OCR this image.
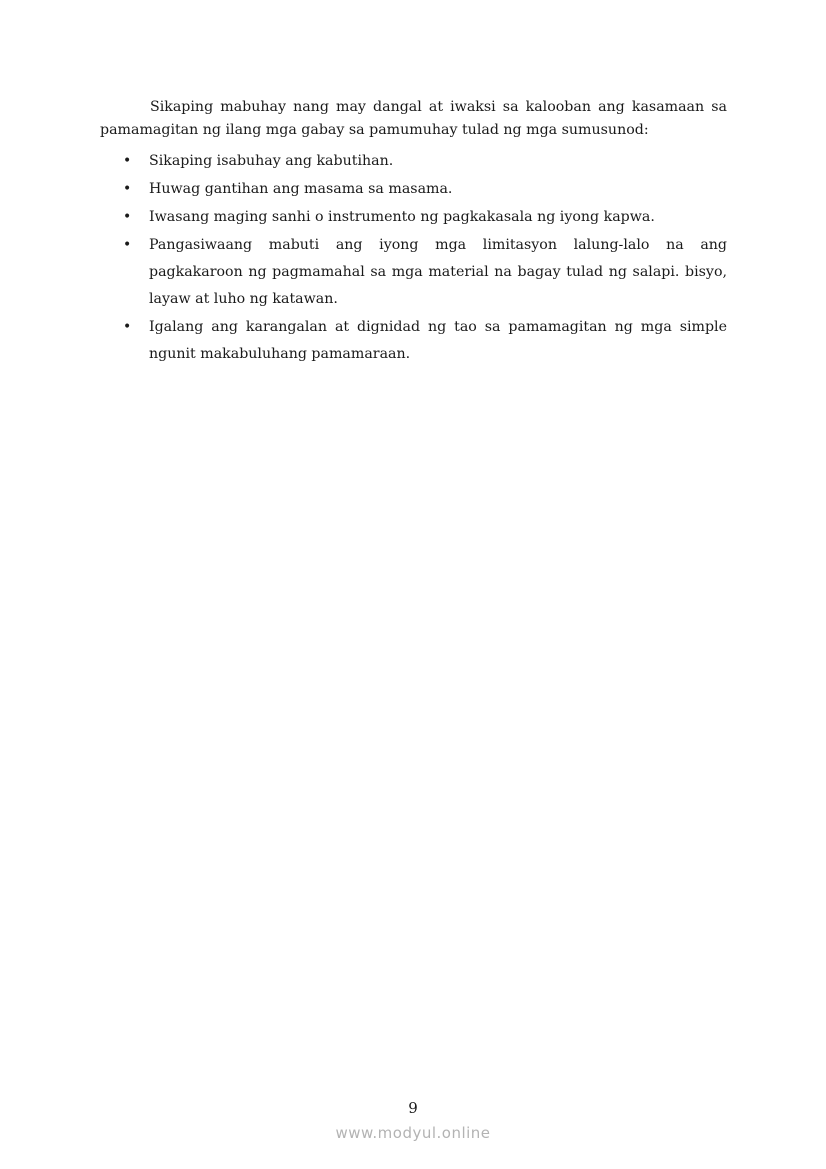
Sikaping mabuhay nang may dangal at iwaksi sa kalooban ang kasamaan sa pamamagitan ng ilang mga gabay sa pamumuhay tulad ng mga sumusunod:

• Sikaping isabuhay ang kabutihan.
• Huwag gantihan ang masama sa masama.
• Iwasang maging sanhi o instrumento ng pagkakasala ng iyong kapwa.
• Pangasiwaang mabuti ang iyong mga limitasyon lalung-lalo na ang pagkakaroon ng pagmamahal sa mga material na bagay tulad ng salapi. bisyo, layaw at luho ng katawan.
• Igalang ang karangalan at dignidad ng tao sa pamamagitan ng mga simple ngunit makabuluhang pamamaraan.
9
www.modyul.online
